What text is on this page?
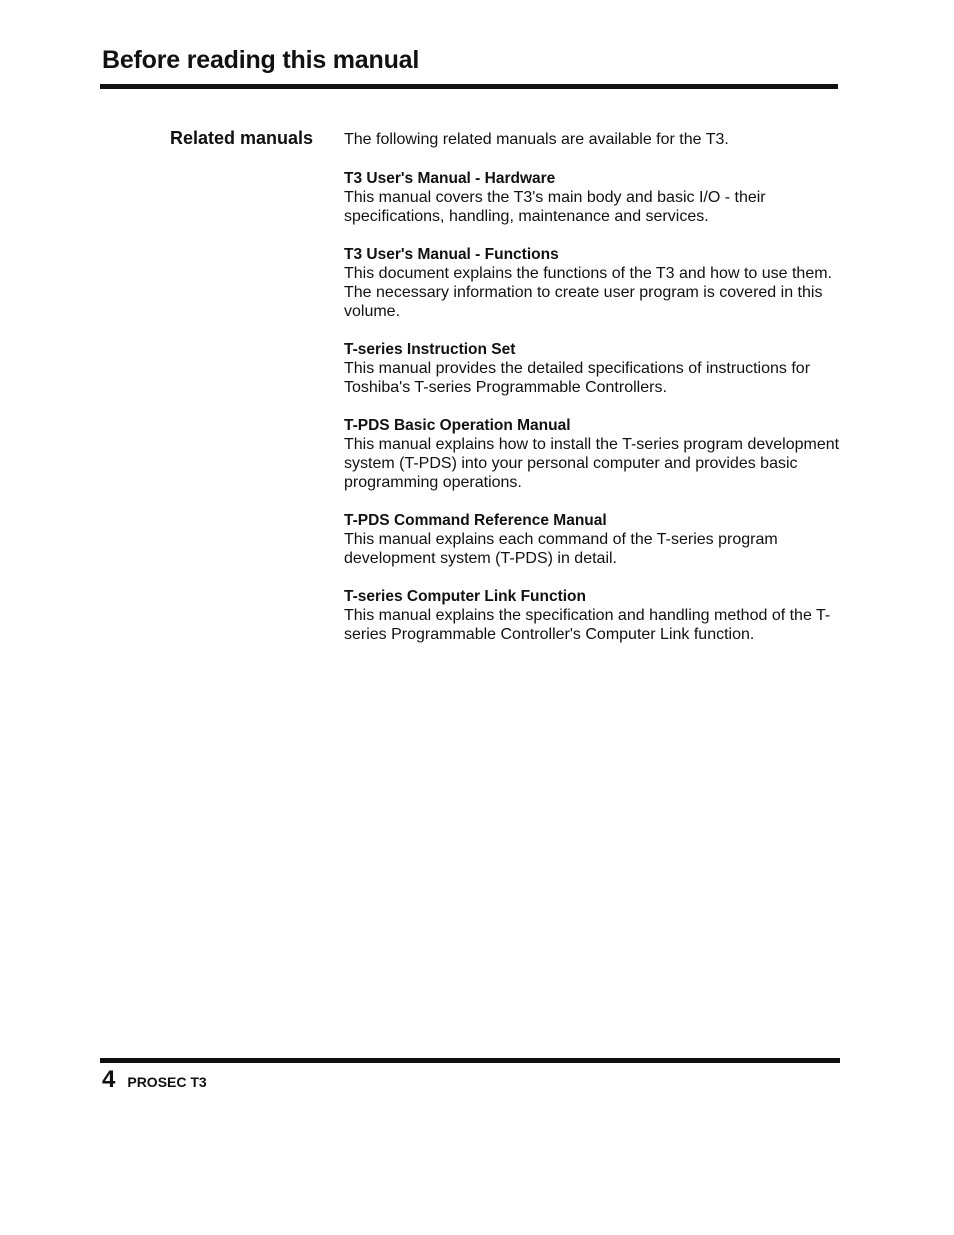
Before reading this manual
Related manuals The following related manuals are available for the T3.

T3 User's Manual - Hardware

This manual covers the T3's main body and basic I/O - their specifications, handling, maintenance and services.

T3 User's Manual - Functions

This document explains the functions of the T3 and how to use them. The necessary information to create user program is covered in this volume.

T-series Instruction Set

This manual provides the detailed specifications of instructions for Toshiba's T-series Programmable Controllers.

T-PDS Basic Operation Manual

This manual explains how to install the T-series program development system (T-PDS) into your personal computer and provides basic programming operations.

T-PDS Command Reference Manual

This manual explains each command of the T-series program development system (T-PDS) in detail.

T-series Computer Link Function

This manual explains the specification and handling method of the T-series Programmable Controller's Computer Link function.

4 PROSEC T3
